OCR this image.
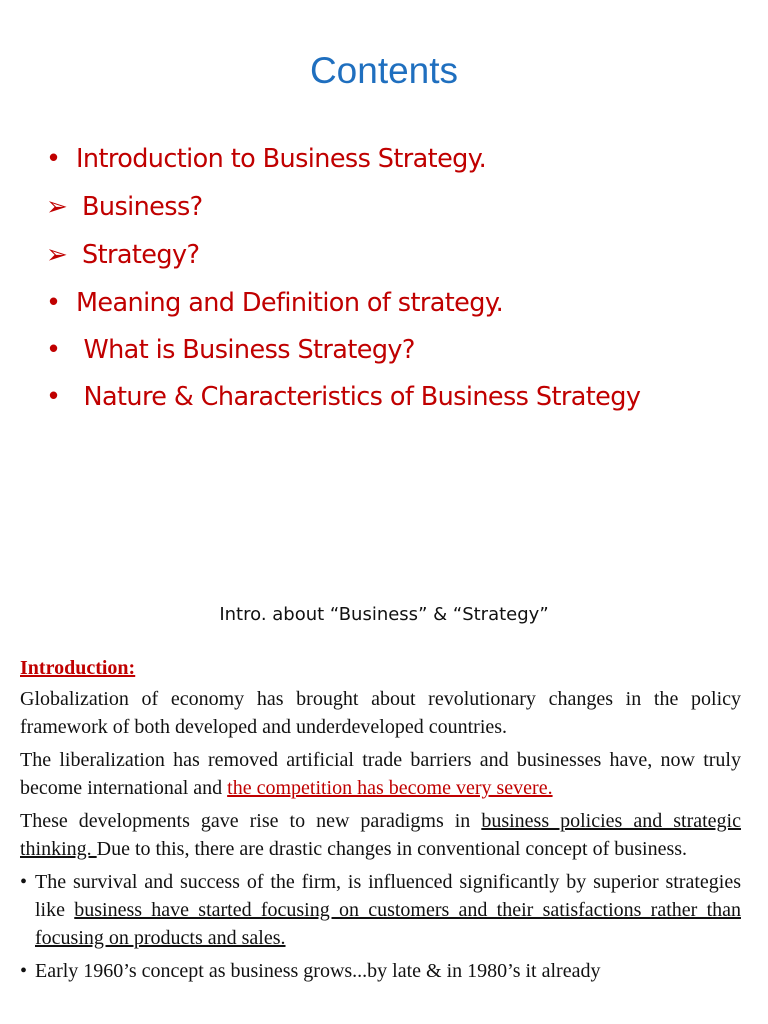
Contents
• Introduction to Business Strategy.
➢ Business?
➢ Strategy?
• Meaning and Definition of strategy.
• What is Business Strategy?
• Nature & Characteristics of Business Strategy
Intro. about “Business” & “Strategy”

Introduction:

Globalization of economy has brought about revolutionary changes in the policy framework of both developed and underdeveloped countries.

The liberalization has removed artificial trade barriers and businesses have, now truly become international and the competition has become very severe.

These developments gave rise to new paradigms in business policies and strategic thinking. Due to this, there are drastic changes in conventional concept of business.

• The survival and success of the firm, is influenced significantly by superior strategies like business have started focusing on customers and their satisfactions rather than focusing on products and sales.

• Early 1960’s concept as business grows...by late & in 1980’s it already
